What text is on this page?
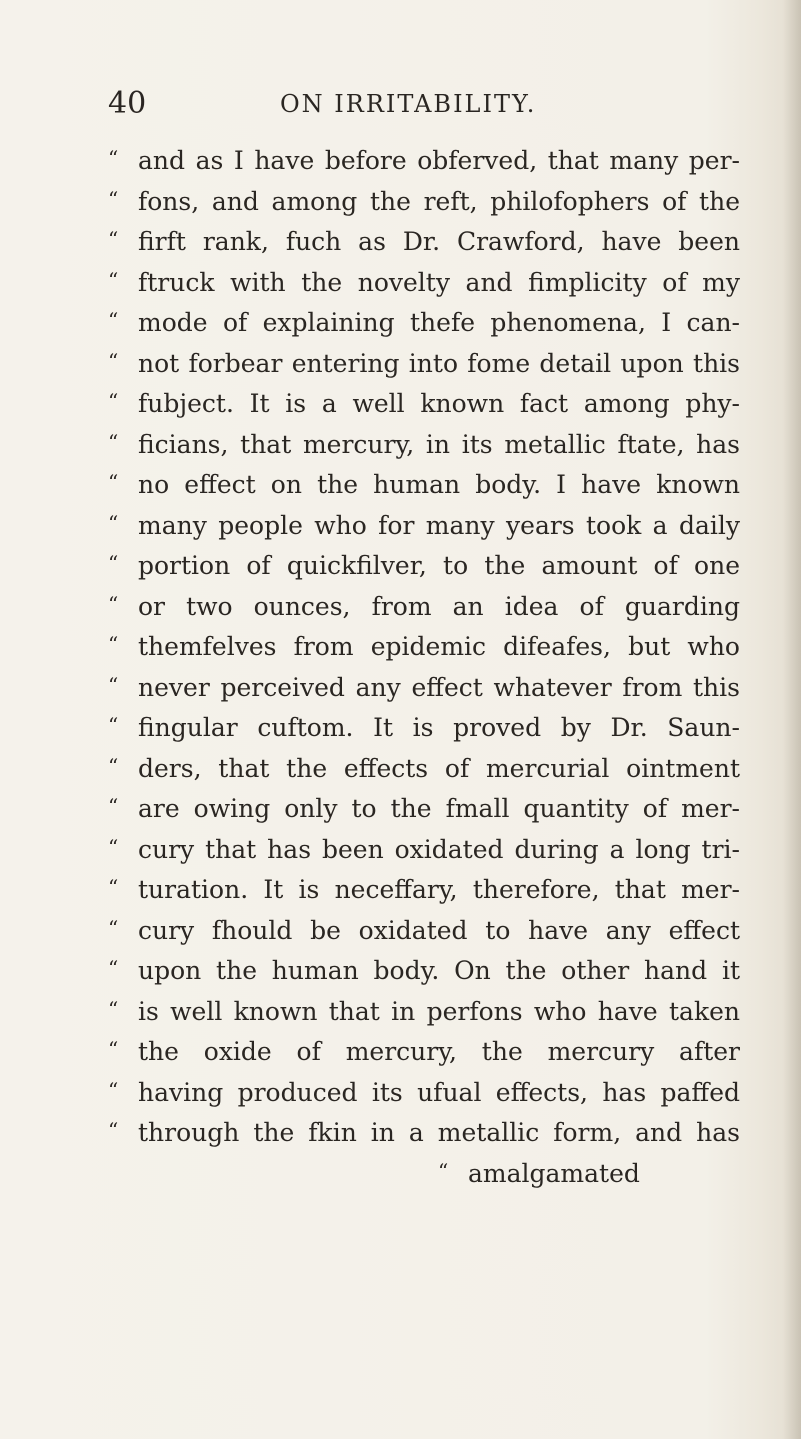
40	ON IRRITABILITY.
“ and as I have before obferved, that many per-
“ fons, and among the reft, philofophers of the
“ firft rank, fuch as Dr. Crawford, have been
“ ftruck with the novelty and fimplicity of my
“ mode of explaining thefe phenomena, I can-
“ not forbear entering into fome detail upon this
“ fubject. It is a well known fact among phy-
“ ficians, that mercury, in its metallic ftate, has
“ no effect on the human body. I have known
“ many people who for many years took a daily
“ portion of quickfilver, to the amount of one
“ or two ounces, from an idea of guarding
“ themfelves from epidemic difeafes, but who
“ never perceived any effect whatever from this
“ fingular cuftom. It is proved by Dr. Saun-
“ ders, that the effects of mercurial ointment
“ are owing only to the fmall quantity of mer-
“ cury that has been oxidated during a long tri-
“ turation. It is neceffary, therefore, that mer-
“ cury fhould be oxidated to have any effect
“ upon the human body. On the other hand it
“ is well known that in perfons who have taken
“ the oxide of mercury, the mercury after
“ having produced its ufual effects, has paffed
“ through the fkin in a metallic form, and has
“ amalgamated
